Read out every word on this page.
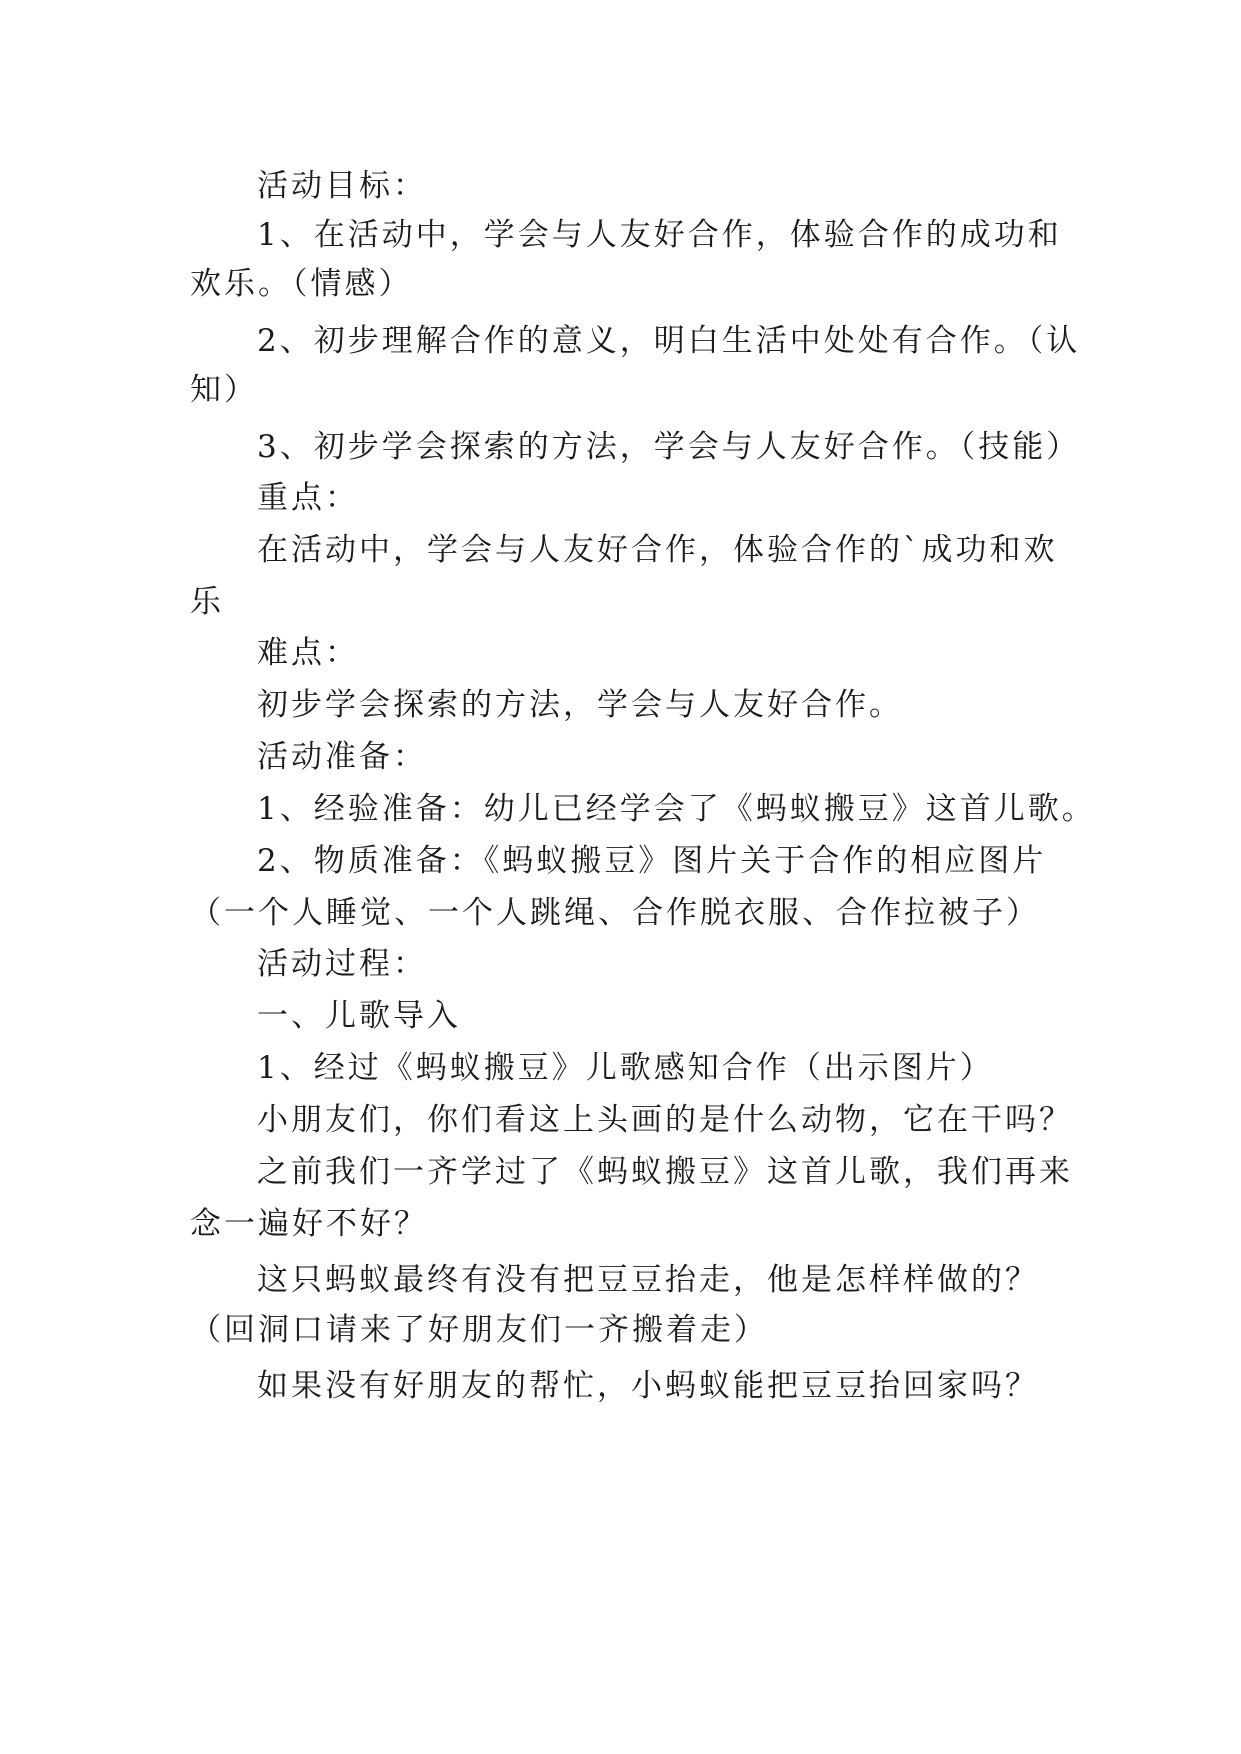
活动目标：
1、在活动中，学会与人友好合作，体验合作的成功和
欢乐。（情感）
2、初步理解合作的意义，明白生活中处处有合作。（认
知）
3、初步学会探索的方法，学会与人友好合作。（技能）
重点：
在活动中，学会与人友好合作，体验合作的`成功和欢
乐
难点：
初步学会探索的方法，学会与人友好合作。
活动准备：
1、经验准备：幼儿已经学会了《蚂蚁搬豆》这首儿歌。
2、物质准备：《蚂蚁搬豆》图片关于合作的相应图片
（一个人睡觉、一个人跳绳、合作脱衣服、合作拉被子）
活动过程：
一、儿歌导入
1、经过《蚂蚁搬豆》儿歌感知合作（出示图片）
小朋友们，你们看这上头画的是什么动物，它在干吗？
之前我们一齐学过了《蚂蚁搬豆》这首儿歌，我们再来
念一遍好不好？
这只蚂蚁最终有没有把豆豆抬走，他是怎样样做的？
（回洞口请来了好朋友们一齐搬着走）
如果没有好朋友的帮忙，小蚂蚁能把豆豆抬回家吗？
